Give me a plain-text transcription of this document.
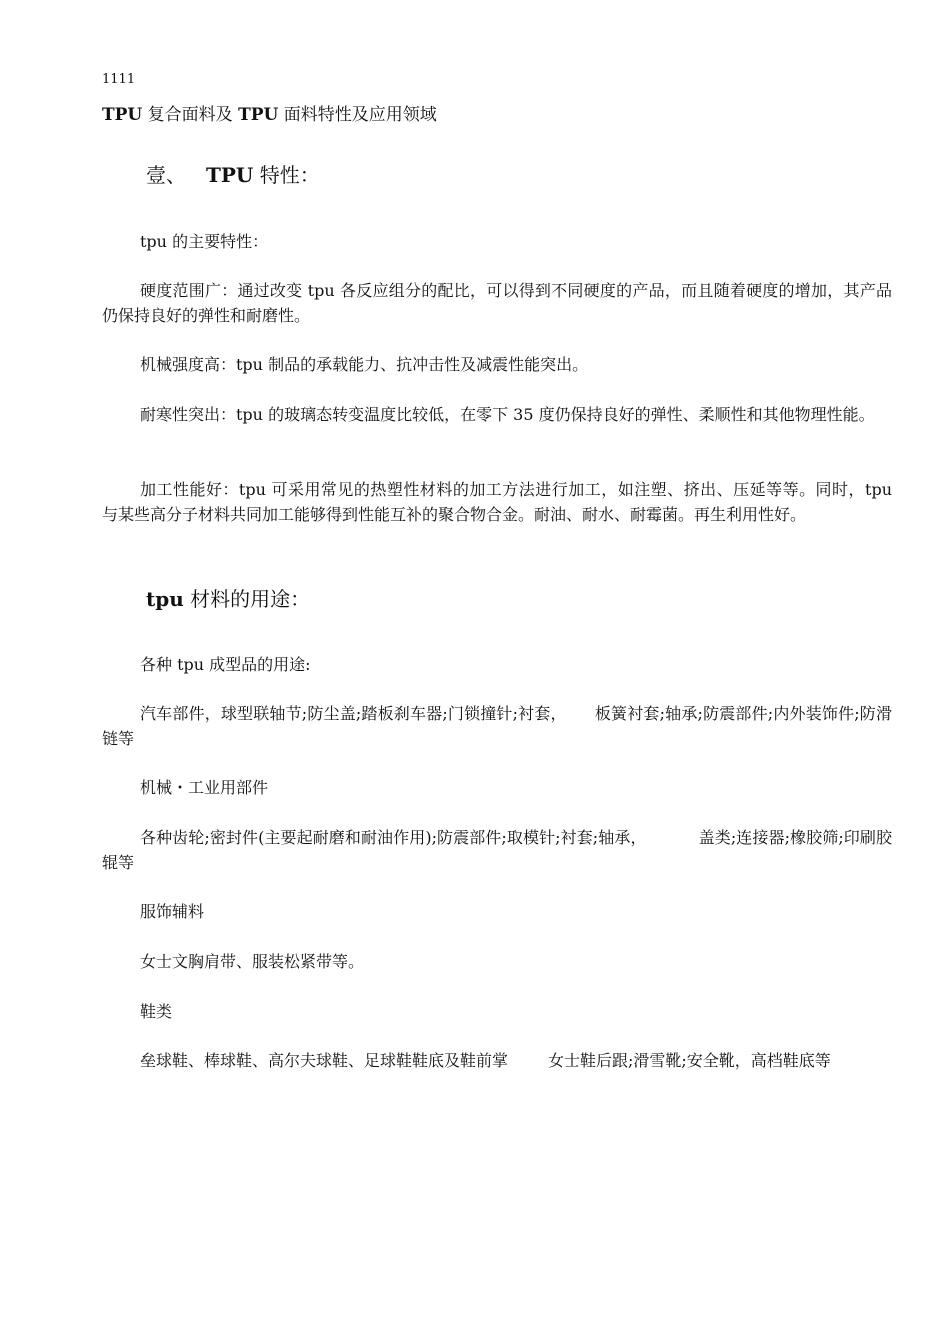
1111
TPU 复合面料及 TPU 面料特性及应用领域
壹、 TPU 特性：
tpu 的主要特性：
硬度范围广：通过改变 tpu 各反应组分的配比，可以得到不同硬度的产品，而且随着硬度的增加，其产品仍保持良好的弹性和耐磨性。
机械强度高：tpu 制品的承载能力、抗冲击性及减震性能突出。
耐寒性突出：tpu 的玻璃态转变温度比较低，在零下 35 度仍保持良好的弹性、柔顺性和其他物理性能。
加工性能好：tpu 可采用常见的热塑性材料的加工方法进行加工，如注塑、挤出、压延等等。同时，tpu 与某些高分子材料共同加工能够得到性能互补的聚合物合金。耐油、耐水、耐霉菌。再生利用性好。
tpu 材料的用途：
各种 tpu 成型品的用途:
汽车部件，球型联轴节;防尘盖;踏板刹车器;门锁撞针;衬套， 板簧衬套;轴承;防震部件;内外装饰件;防滑链等
机械・工业用部件
各种齿轮;密封件(主要起耐磨和耐油作用);防震部件;取模针;衬套;轴承，	盖类;连接器;橡胶筛;印刷胶辊等
服饰辅料
女士文胸肩带、服装松紧带等。
鞋类
垒球鞋、棒球鞋、高尔夫球鞋、足球鞋鞋底及鞋前掌	女士鞋后跟;滑雪靴;安全靴，高档鞋底等
